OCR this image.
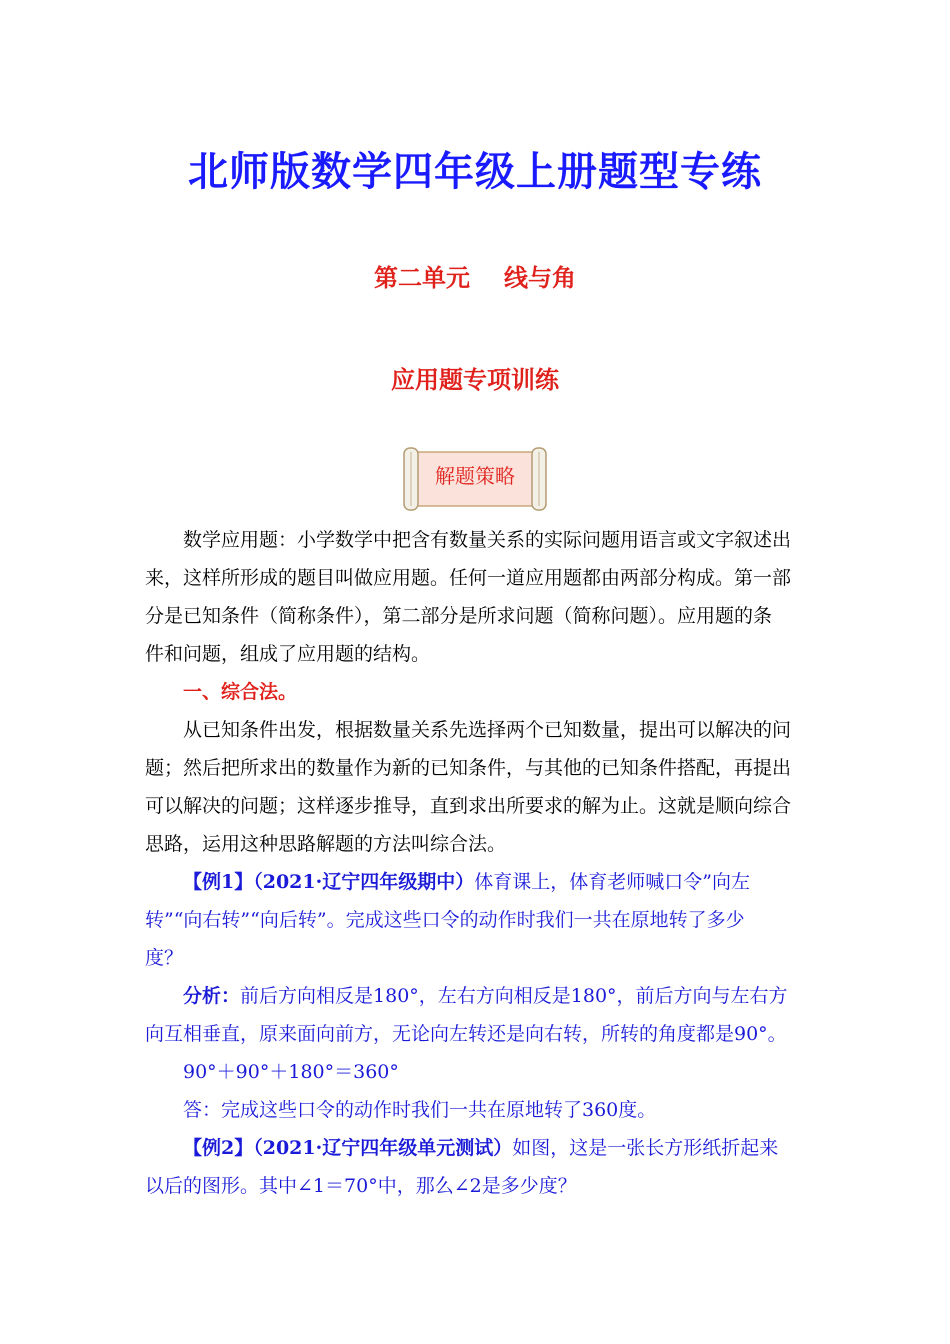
北师版数学四年级上册题型专练
第二单元 线与角
应用题专项训练
解题策略
数学应用题：小学数学中把含有数量关系的实际问题用语言或文字叙述出
来，这样所形成的题目叫做应用题。任何一道应用题都由两部分构成。第一部
分是已知条件（简称条件），第二部分是所求问题（简称问题）。应用题的条
件和问题，组成了应用题的结构。
一、综合法。
从已知条件出发，根据数量关系先选择两个已知数量，提出可以解决的问
题；然后把所求出的数量作为新的已知条件，与其他的已知条件搭配，再提出
可以解决的问题；这样逐步推导，直到求出所要求的解为止。这就是顺向综合
思路，运用这种思路解题的方法叫综合法。
【例1】（2021·辽宁四年级期中）体育课上，体育老师喊口令”向左
转”“向右转”“向后转”。完成这些口令的动作时我们一共在原地转了多少
度？
分析：前后方向相反是180°，左右方向相反是180°，前后方向与左右方
向互相垂直，原来面向前方，无论向左转还是向右转，所转的角度都是90°。
90°＋90°＋180°＝360°
答：完成这些口令的动作时我们一共在原地转了360度。
【例2】（2021·辽宁四年级单元测试）如图，这是一张长方形纸折起来
以后的图形。其中∠1＝70°中，那么∠2是多少度？
